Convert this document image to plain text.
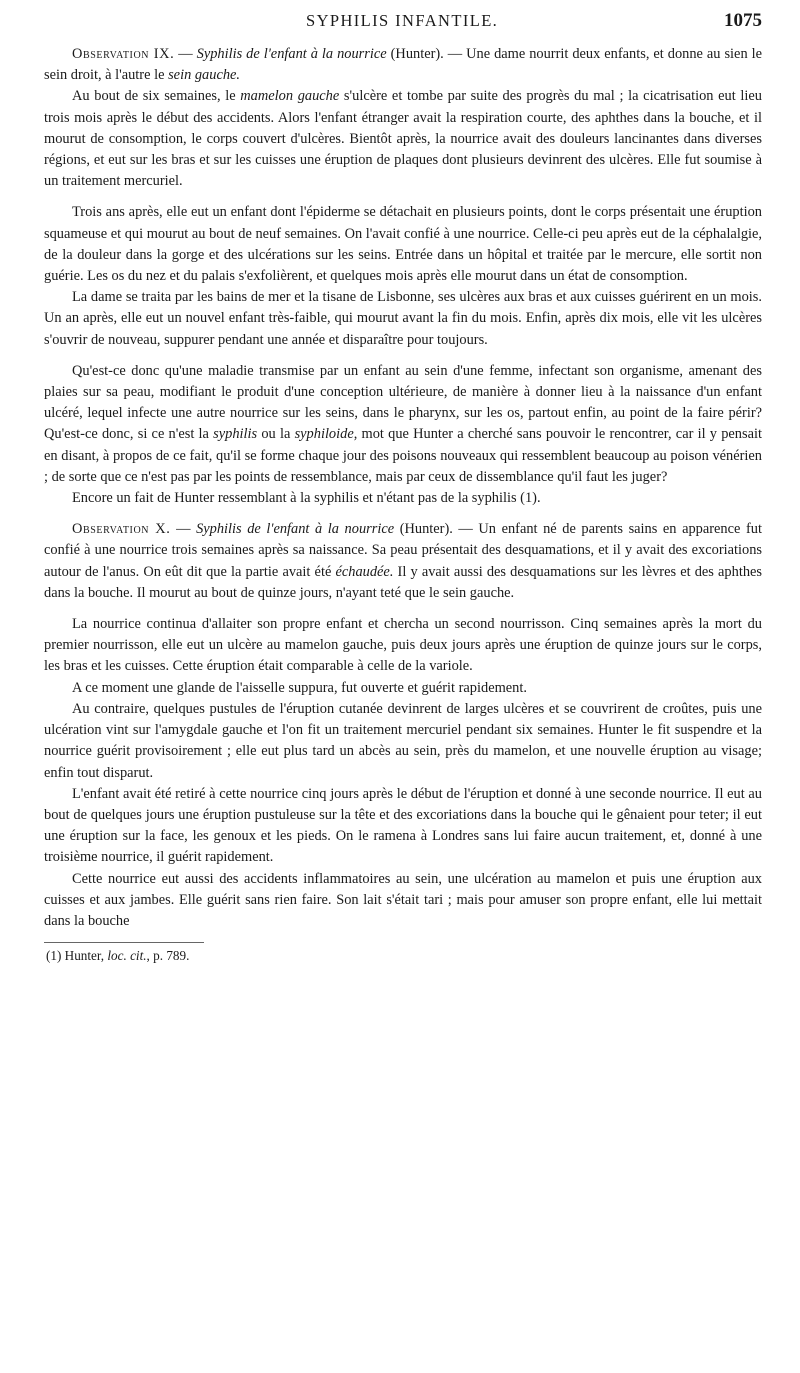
SYPHILIS INFANTILE.	1075

Observation IX. — Syphilis de l'enfant à la nourrice (Hunter). — Une dame nourrit deux enfants, et donne au sien le sein droit, à l'autre le sein gauche.

Au bout de six semaines, le mamelon gauche s'ulcère et tombe par suite des progrès du mal ; la cicatrisation eut lieu trois mois après le début des accidents. Alors l'enfant étranger avait la respiration courte, des aphthes dans la bouche, et il mourut de consomption, le corps couvert d'ulcères. Bientôt après, la nourrice avait des douleurs lancinantes dans diverses régions, et eut sur les bras et sur les cuisses une éruption de plaques dont plusieurs devinrent des ulcères. Elle fut soumise à un traitement mercuriel.

Trois ans après, elle eut un enfant dont l'épiderme se détachait en plusieurs points, dont le corps présentait une éruption squameuse et qui mourut au bout de neuf semaines. On l'avait confié à une nourrice. Celle-ci peu après eut de la céphalalgie, de la douleur dans la gorge et des ulcérations sur les seins. Entrée dans un hôpital et traitée par le mercure, elle sortit non guérie. Les os du nez et du palais s'exfolièrent, et quelques mois après elle mourut dans un état de consomption.

La dame se traita par les bains de mer et la tisane de Lisbonne, ses ulcères aux bras et aux cuisses guérirent en un mois. Un an après, elle eut un nouvel enfant très-faible, qui mourut avant la fin du mois. Enfin, après dix mois, elle vit les ulcères s'ouvrir de nouveau, suppurer pendant une année et disparaître pour toujours.

Qu'est-ce donc qu'une maladie transmise par un enfant au sein d'une femme, infectant son organisme, amenant des plaies sur sa peau, modifiant le produit d'une conception ultérieure, de manière à donner lieu à la naissance d'un enfant ulcéré, lequel infecte une autre nourrice sur les seins, dans le pharynx, sur les os, partout enfin, au point de la faire périr? Qu'est-ce donc, si ce n'est la syphilis ou la syphiloide, mot que Hunter a cherché sans pouvoir le rencontrer, car il y pensait en disant, à propos de ce fait, qu'il se forme chaque jour des poisons nouveaux qui ressemblent beaucoup au poison vénérien ; de sorte que ce n'est pas par les points de ressemblance, mais par ceux de dissemblance qu'il faut les juger?

Encore un fait de Hunter ressemblant à la syphilis et n'étant pas de la syphilis (1).

Observation X. — Syphilis de l'enfant à la nourrice (Hunter). — Un enfant né de parents sains en apparence fut confié à une nourrice trois semaines après sa naissance. Sa peau présentait des desquamations, et il y avait des excoriations autour de l'anus. On eût dit que la partie avait été échaudée. Il y avait aussi des desquamations sur les lèvres et des aphthes dans la bouche. Il mourut au bout de quinze jours, n'ayant teté que le sein gauche.

La nourrice continua d'allaiter son propre enfant et chercha un second nourrisson. Cinq semaines après la mort du premier nourrisson, elle eut un ulcère au mamelon gauche, puis deux jours après une éruption de quinze jours sur le corps, les bras et les cuisses. Cette éruption était comparable à celle de la variole.

A ce moment une glande de l'aisselle suppura, fut ouverte et guérit rapidement.

Au contraire, quelques pustules de l'éruption cutanée devinrent de larges ulcères et se couvrirent de croûtes, puis une ulcération vint sur l'amygdale gauche et l'on fit un traitement mercuriel pendant six semaines. Hunter le fit suspendre et la nourrice guérit provisoirement ; elle eut plus tard un abcès au sein, près du mamelon, et une nouvelle éruption au visage; enfin tout disparut.

L'enfant avait été retiré à cette nourrice cinq jours après le début de l'éruption et donné à une seconde nourrice. Il eut au bout de quelques jours une éruption pustuleuse sur la tête et des excoriations dans la bouche qui le gênaient pour teter; il eut une éruption sur la face, les genoux et les pieds. On le ramena à Londres sans lui faire aucun traitement, et, donné à une troisième nourrice, il guérit rapidement.

Cette nourrice eut aussi des accidents inflammatoires au sein, une ulcération au mamelon et puis une éruption aux cuisses et aux jambes. Elle guérit sans rien faire. Son lait s'était tari ; mais pour amuser son propre enfant, elle lui mettait dans la bouche

(1) Hunter, loc. cit., p. 789.
